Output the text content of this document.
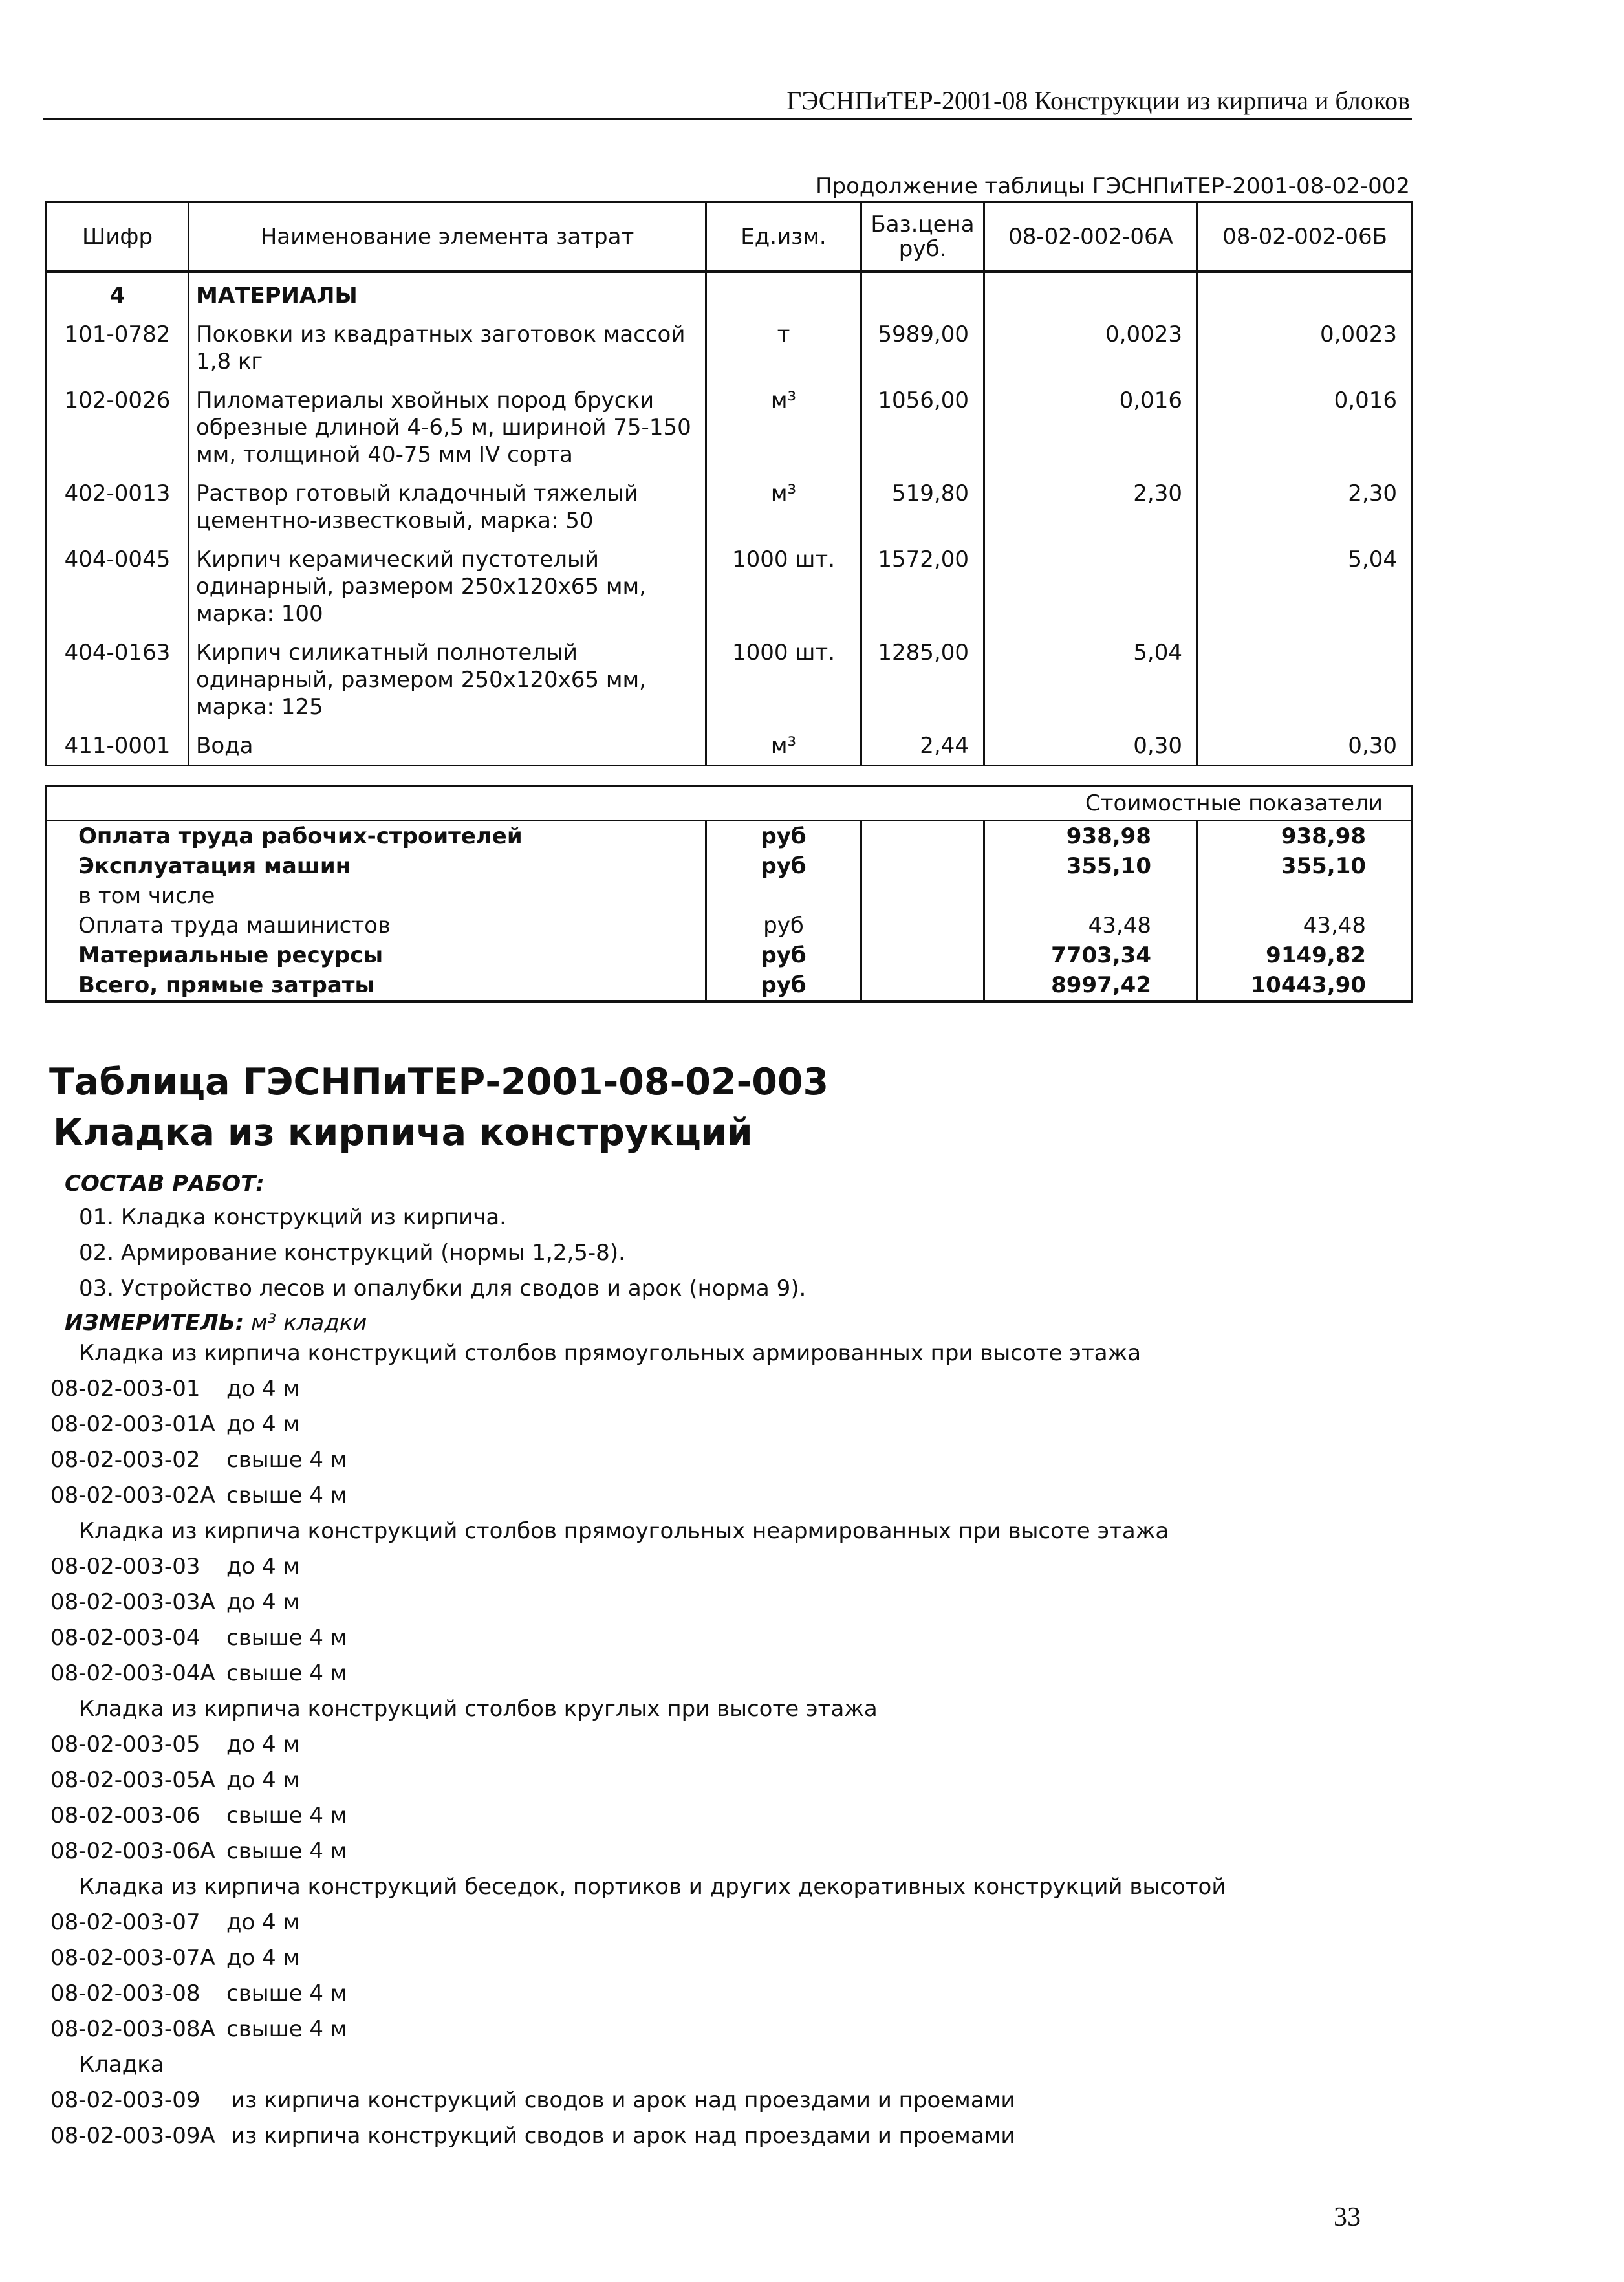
ГЭСНПиТЕР-2001-08 Конструкции из кирпича и блоков
Продолжение таблицы ГЭСНПиТЕР-2001-08-02-002
Шифр	Наименование элемента затрат	Ед.изм.	Баз.цена руб.	08-02-002-06А	08-02-002-06Б
4	МАТЕРИАЛЫ				
101-0782	Поковки из квадратных заготовок массой 1,8 кг	т	5989,00	0,0023	0,0023
102-0026	Пиломатериалы хвойных пород бруски обрезные длиной 4-6,5 м, шириной 75-150 мм, толщиной 40-75 мм IV сорта	м³	1056,00	0,016	0,016
402-0013	Раствор готовый кладочный тяжелый цементно-известковый, марка: 50	м³	519,80	2,30	2,30
404-0045	Кирпич керамический пустотелый одинарный, размером 250х120х65 мм, марка: 100	1000 шт.	1572,00		5,04
404-0163	Кирпич силикатный полнотелый одинарный, размером 250х120х65 мм, марка: 125	1000 шт.	1285,00	5,04	
411-0001	Вода	м³	2,44	0,30	0,30
Стоимостные показатели				
Оплата труда рабочих-строителей	руб		938,98	938,98
Эксплуатация машин	руб		355,10	355,10
в том числе				
Оплата труда машинистов	руб		43,48	43,48
Материальные ресурсы	руб		7703,34	9149,82
Всего, прямые затраты	руб		8997,42	10443,90
Таблица ГЭСНПиТЕР-2001-08-02-003
Кладка из кирпича конструкций
СОСТАВ РАБОТ:
01. Кладка конструкций из кирпича.
02. Армирование конструкций (нормы 1,2,5-8).
03. Устройство лесов и опалубки для сводов и арок (норма 9).
ИЗМЕРИТЕЛЬ: м³ кладки
Кладка из кирпича конструкций столбов прямоугольных армированных при высоте этажа
08-02-003-01 до 4 м
08-02-003-01А до 4 м
08-02-003-02 свыше 4 м
08-02-003-02А свыше 4 м
Кладка из кирпича конструкций столбов прямоугольных неармированных при высоте этажа
08-02-003-03 до 4 м
08-02-003-03А до 4 м
08-02-003-04 свыше 4 м
08-02-003-04А свыше 4 м
Кладка из кирпича конструкций столбов круглых при высоте этажа
08-02-003-05 до 4 м
08-02-003-05А до 4 м
08-02-003-06 свыше 4 м
08-02-003-06А свыше 4 м
Кладка из кирпича конструкций беседок, портиков и других декоративных конструкций высотой
08-02-003-07 до 4 м
08-02-003-07А до 4 м
08-02-003-08 свыше 4 м
08-02-003-08А свыше 4 м
Кладка
08-02-003-09 из кирпича конструкций сводов и арок над проездами и проемами
08-02-003-09А из кирпича конструкций сводов и арок над проездами и проемами
33
